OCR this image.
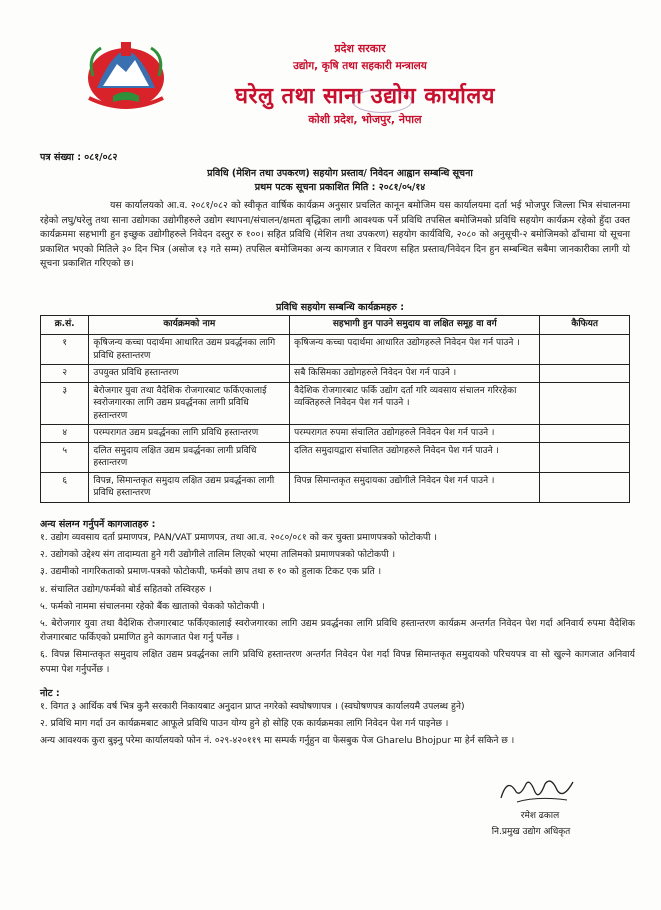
प्रदेश सरकार
उद्योग, कृषि तथा सहकारी मन्त्रालय
घरेलु तथा साना उद्योग कार्यालय
कोशी प्रदेश, भोजपुर, नेपाल
पत्र संख्या : ०८१/०८२
प्रविधि (मेशिन तथा उपकरण) सहयोग प्रस्ताव/ निवेदन आह्वान सम्बन्धि सूचना
प्रथम पटक सूचना प्रकाशित मिति : २०८१/०५/१४
यस कार्यालयको आ.व. २०८१/०८२ को स्वीकृत वार्षिक कार्यक्रम अनुसार प्रचलित कानून बमोजिम यस कार्यालयमा दर्ता भई भोजपुर जिल्ला भित्र संचालनमा रहेको लघु/घरेलु तथा साना उद्योगका उद्योगीहरुले उद्योग स्थापना/संचालन/क्षमता बृद्धिका लागी आवश्यक पर्ने प्रविधि तपसिल बमोजिमको प्रविधि सहयोग कार्यक्रम रहेको हुँदा उक्त कार्यक्रममा सहभागी हुन इच्छुक उद्योगीहरुले निवेदन दस्तुर रु १००। सहित प्रविधि (मेशिन तथा उपकरण) सहयोग कार्यविधि, २०८० को अनुसूची-२ बमोजिमको ढाँचामा यो सूचना प्रकाशित भएको मितिले ३० दिन भित्र (असोज १३ गते सम्म) तपसिल बमोजिमका अन्य कागजात र विवरण सहित प्रस्ताव/निवेदन दिन हुन सम्बन्धित सबैमा जानकारीका लागी यो सूचना प्रकाशित गरिएको छ।
प्रविधि सहयोग सम्बन्धि कार्यक्रमहरु :
क्र.सं.	कार्यक्रमको नाम	सहभागी हुन पाउने समुदाय वा लक्षित समूह वा वर्ग	कैफियत
१	कृषिजन्य कच्चा पदार्थमा आधारित उद्यम प्रवर्द्धनका लागि प्रविधि हस्तान्तरण	कृषिजन्य कच्चा पदार्थमा आधारित उद्योगहरुले निवेदन पेश गर्न पाउने ।	
२	उपयुक्त प्रविधि हस्तान्तरण	सबै किसिमका उद्योगहरुले निवेदन पेश गर्न पाउने ।	
३	बेरोजगार युवा तथा वैदेशिक रोजगारबाट फर्किएकालाई स्वरोजगारका लागि उद्यम प्रवर्द्धनका लागी प्रविधि हस्तान्तरण	वैदेशिक रोजगारबाट फर्कि उद्योग दर्ता गरि व्यवसाय संचालन गरिरहेका व्यक्तिहरुले निवेदन पेश गर्न पाउने ।	
४	परम्परागत उद्यम प्रवर्द्धनका लागि प्रविधि हस्तान्तरण	परम्परागत रुपमा संचालित उद्योगहरुले निवेदन पेश गर्न पाउने ।	
५	दलित समुदाय लक्षित उद्यम प्रवर्द्धनका लागी प्रविधि हस्तान्तरण	दलित समुदायद्वारा संचालित उद्योगहरुले निवेदन पेश गर्न पाउने ।	
६	विपन्न, सिमान्तकृत समुदाय लक्षित उद्यम प्रवर्द्धनका लागी प्रविधि हस्तान्तरण	विपन्न सिमान्तकृत समुदायका उद्योगीले निवेदन पेश गर्न पाउने ।	
अन्य संलग्न गर्नुपर्ने कागजातहरु :
१. उद्योग व्यवसाय दर्ता प्रमाणपत्र, PAN/VAT प्रमाणपत्र, तथा आ.व. २०८०/०८१ को कर चुक्ता प्रमाणपत्रको फोटोकपी ।
२. उद्योगको उद्देश्य संग तादाम्यता हुने गरी उद्योगीले तालिम लिएको भएमा तालिमको प्रमाणपत्रको फोटोकपी ।
३. उद्यमीको नागरिकताको प्रमाण-पत्रको फोटोकपी, फर्मको छाप तथा रु १० को हुलाक टिकट एक प्रति ।
४. संचालित उद्योग/फर्मको बोर्ड सहितको तस्विरहरु ।
५. फर्मको नाममा संचालनमा रहेको बैंक खाताको चेकको फोटोकपी ।
५. बेरोजगार युवा तथा वैदेशिक रोजगारबाट फर्किएकालाई स्वरोजगारका लागि उद्यम प्रवर्द्धनका लागि प्रविधि हस्तान्तरण कार्यक्रम अन्तर्गत निवेदन पेश गर्दा अनिवार्य रुपमा वैदेशिक रोजगारबाट फर्किएको प्रमाणित हुने कागजात पेश गर्नु पर्नेछ ।
६. विपन्न सिमान्तकृत समुदाय लक्षित उद्यम प्रवर्द्धनका लागि प्रविधि हस्तान्तरण अन्तर्गत निवेदन पेश गर्दा विपन्न सिमान्तकृत समुदायको परिचयपत्र वा सो खुल्ने कागजात अनिवार्य रुपमा पेश गर्नुपर्नेछ ।
नोट :
१. विगत ३ आर्थिक वर्ष भित्र कुनै सरकारी निकायबाट अनुदान प्राप्त नगरेको स्वघोषणापत्र । (स्वघोषणपत्र कार्यालयमै उपलब्ध हुने)
२. प्रविधि माग गर्दा उन कार्यक्रमबाट आफूले प्रविधि पाउन योग्य हुने हो सोहि एक कार्यक्रमका लागि निवेदन पेश गर्न पाइनेछ ।
अन्य आवश्यक कुरा बुझ्नु परेमा कार्यालयको फोन नं. ०२९-४२०११९ मा सम्पर्क गर्नुहुन वा फेसबुक पेज Gharelu Bhojpur मा हेर्न सकिने छ ।
रमेश ढकाल
नि.प्रमुख उद्योग अधिकृत
